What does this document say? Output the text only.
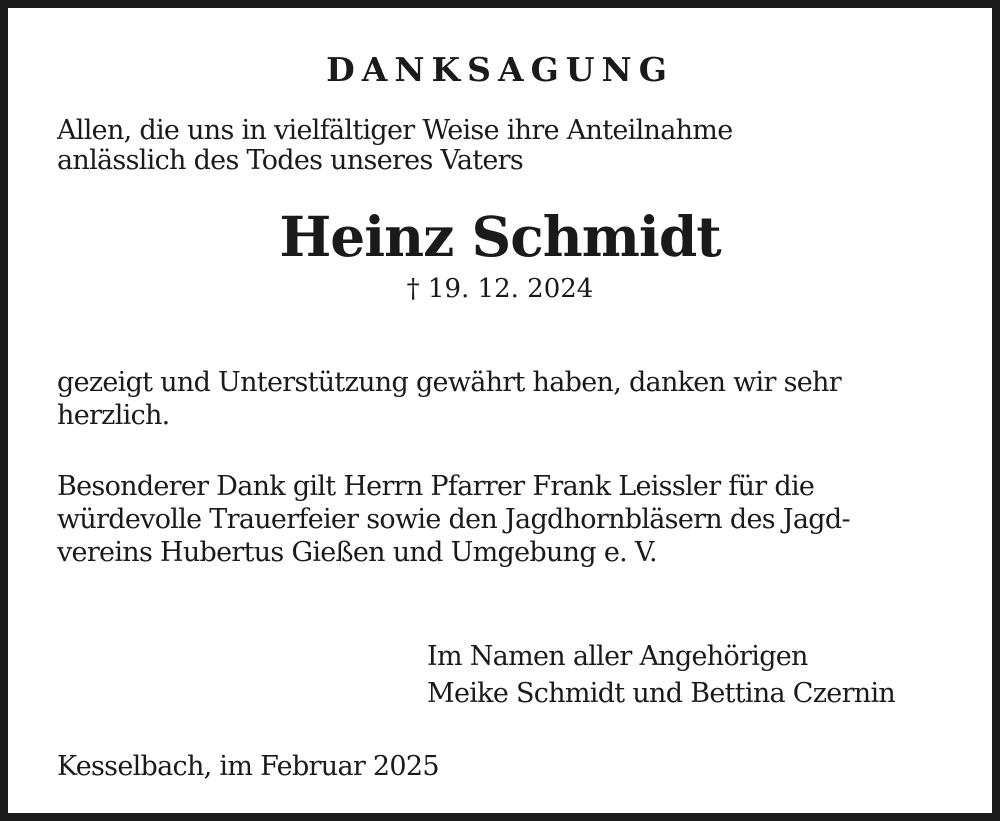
DANKSAGUNG
Allen, die uns in vielfältiger Weise ihre Anteilnahme
anlässlich des Todes unseres Vaters
Heinz Schmidt
† 19. 12. 2024
gezeigt und Unterstützung gewährt haben, danken wir sehr
herzlich.
Besonderer Dank gilt Herrn Pfarrer Frank Leissler für die
würdevolle Trauerfeier sowie den Jagdhornbläsern des Jagd-
vereins Hubertus Gießen und Umgebung e. V.
Im Namen aller Angehörigen
Meike Schmidt und Bettina Czernin
Kesselbach, im Februar 2025
